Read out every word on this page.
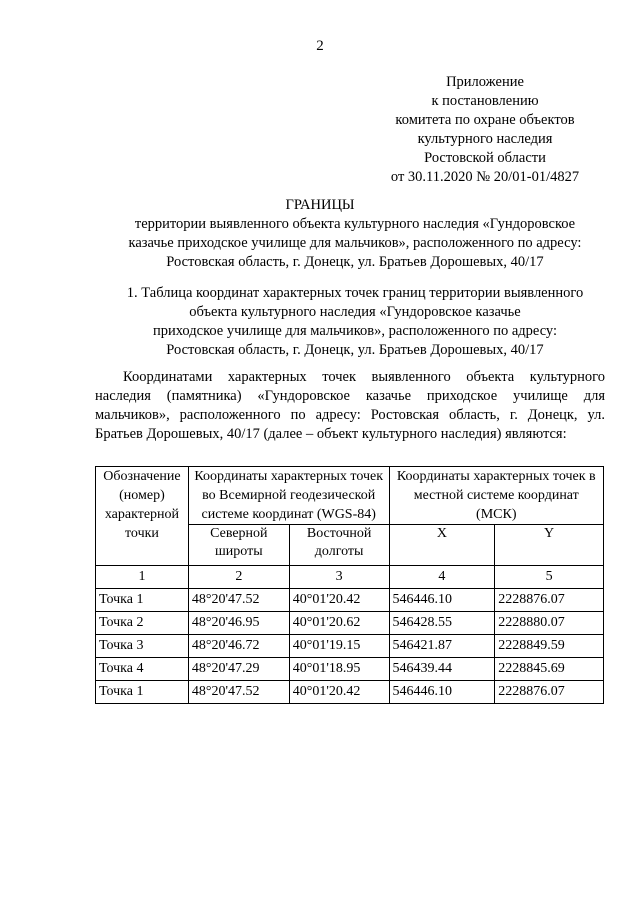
2
Приложение
к постановлению
комитета по охране объектов
культурного наследия
Ростовской области
от 30.11.2020 № 20/01-01/4827
ГРАНИЦЫ
территории выявленного объекта культурного наследия «Гундоровское
казачье приходское училище для мальчиков», расположенного по адресу:
Ростовская область, г. Донецк, ул. Братьев Дорошевых, 40/17
1. Таблица координат характерных точек границ территории выявленного
объекта культурного наследия «Гундоровское казачье
приходское училище для мальчиков», расположенного по адресу:
Ростовская область, г. Донецк, ул. Братьев Дорошевых, 40/17
Координатами характерных точек выявленного объекта культурного наследия (памятника) «Гундоровское казачье приходское училище для мальчиков», расположенного по адресу: Ростовская область, г. Донецк, ул. Братьев Дорошевых, 40/17 (далее – объект культурного наследия) являются:
Обозначение (номер) характерной точки	Координаты характерных точек во Всемирной геодезической системе координат (WGS-84)		Координаты характерных точек в местной системе координат (МСК)	
	Северной широты	Восточной долготы	X	Y
1	2	3	4	5
Точка 1	48°20'47.52	40°01'20.42	546446.10	2228876.07
Точка 2	48°20'46.95	40°01'20.62	546428.55	2228880.07
Точка 3	48°20'46.72	40°01'19.15	546421.87	2228849.59
Точка 4	48°20'47.29	40°01'18.95	546439.44	2228845.69
Точка 1	48°20'47.52	40°01'20.42	546446.10	2228876.07
